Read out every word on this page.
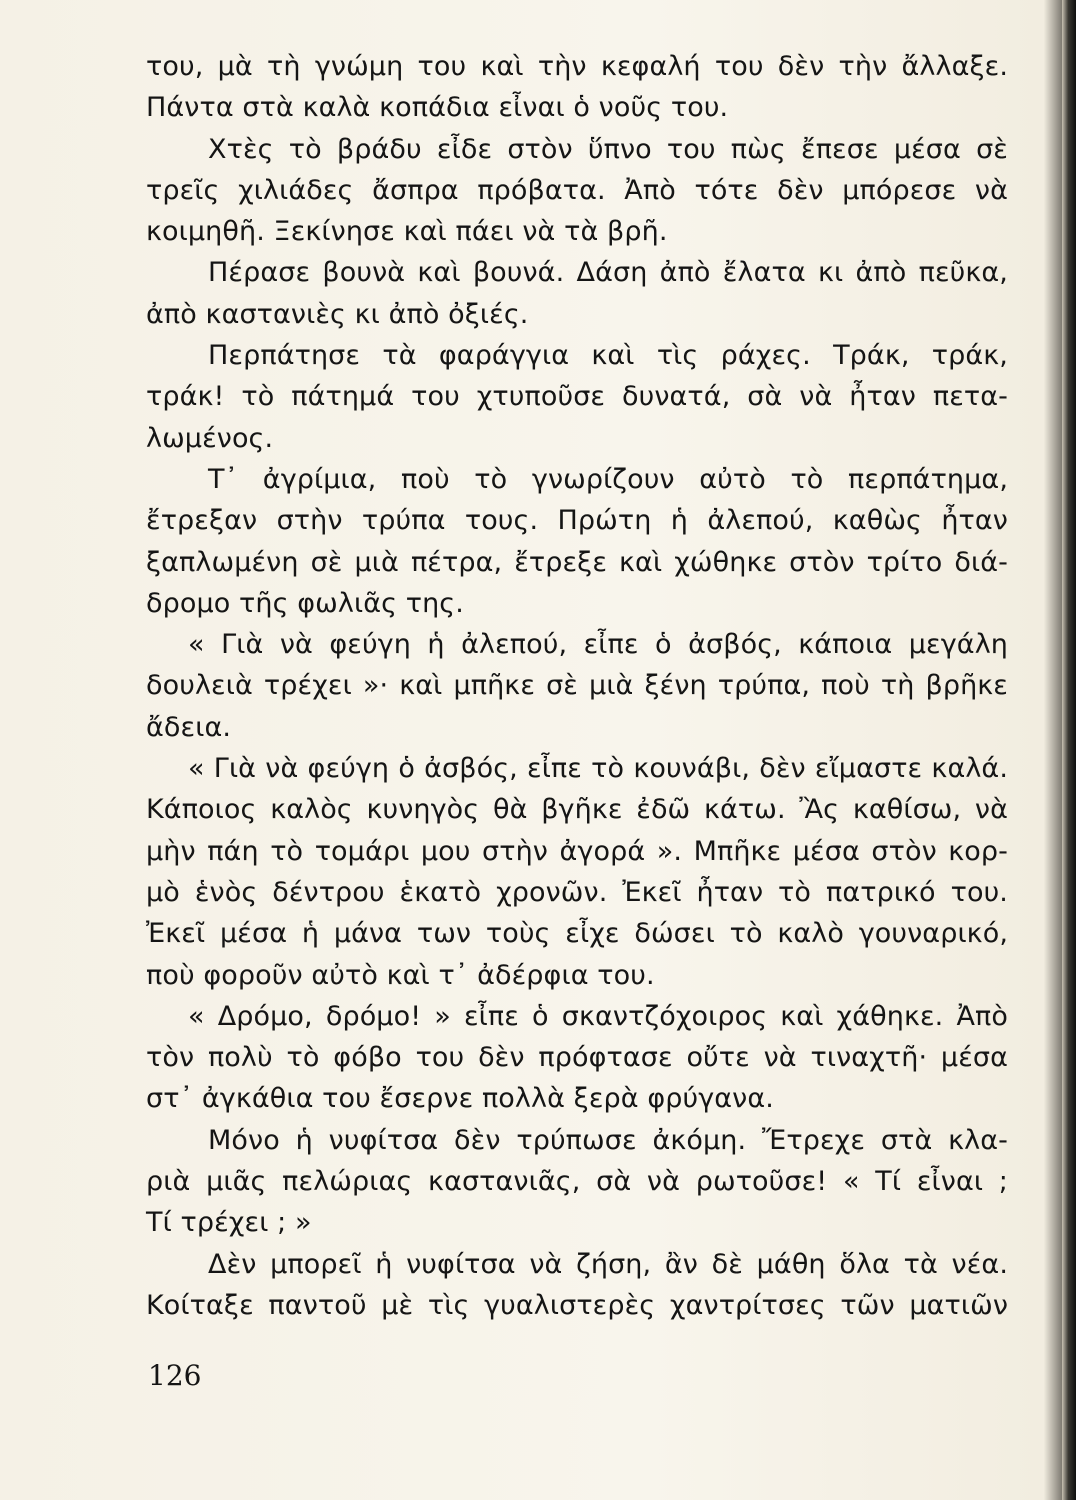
του, μὰ τὴ γνώμη του καὶ τὴν κεφαλή του δὲν τὴν ἄλλαξε.
Πάντα στὰ καλὰ κοπάδια εἶναι ὁ νοῦς του.
Χτὲς τὸ βράδυ εἶδε στὸν ὕπνο του πὼς ἔπεσε μέσα σὲ
τρεῖς χιλιάδες ἄσπρα πρόβατα. Ἀπὸ τότε δὲν μπόρεσε νὰ
κοιμηθῆ. Ξεκίνησε καὶ πάει νὰ τὰ βρῆ.
Πέρασε βουνὰ καὶ βουνά. Δάση ἀπὸ ἔλατα κι ἀπὸ πεῦκα,
ἀπὸ καστανιὲς κι ἀπὸ ὀξιές.
Περπάτησε τὰ φαράγγια καὶ τὶς ράχες. Τράκ, τράκ,
τράκ! τὸ πάτημά του χτυποῦσε δυνατά, σὰ νὰ ἦταν πετα-
λωμένος.
Τ᾿ ἀγρίμια, ποὺ τὸ γνωρίζουν αὐτὸ τὸ περπάτημα,
ἔτρεξαν στὴν τρύπα τους. Πρώτη ἡ ἀλεπού, καθὼς ἦταν
ξαπλωμένη σὲ μιὰ πέτρα, ἔτρεξε καὶ χώθηκε στὸν τρίτο διά-
δρομο τῆς φωλιᾶς της.
« Γιὰ νὰ φεύγη ἡ ἀλεπού, εἶπε ὁ ἀσβός, κάποια μεγάλη
δουλειὰ τρέχει »· καὶ μπῆκε σὲ μιὰ ξένη τρύπα, ποὺ τὴ βρῆκε
ἄδεια.
« Γιὰ νὰ φεύγη ὁ ἀσβός, εἶπε τὸ κουνάβι, δὲν εἴμαστε καλά.
Κάποιος καλὸς κυνηγὸς θὰ βγῆκε ἐδῶ κάτω. Ἂς καθίσω, νὰ
μὴν πάη τὸ τομάρι μου στὴν ἀγορά ». Μπῆκε μέσα στὸν κορ-
μὸ ἑνὸς δέντρου ἑκατὸ χρονῶν. Ἐκεῖ ἦταν τὸ πατρικό του.
Ἐκεῖ μέσα ἡ μάνα των τοὺς εἶχε δώσει τὸ καλὸ γουναρικό,
ποὺ φοροῦν αὐτὸ καὶ τ᾿ ἀδέρφια του.
« Δρόμο, δρόμο! » εἶπε ὁ σκαντζόχοιρος καὶ χάθηκε. Ἀπὸ
τὸν πολὺ τὸ φόβο του δὲν πρόφτασε οὔτε νὰ τιναχτῆ· μέσα
στ᾿ ἀγκάθια του ἔσερνε πολλὰ ξερὰ φρύγανα.
Μόνο ἡ νυφίτσα δὲν τρύπωσε ἀκόμη. Ἔτρεχε στὰ κλα-
ριὰ μιᾶς πελώριας καστανιᾶς, σὰ νὰ ρωτοῦσε! « Τί εἶναι ;
Τί τρέχει ; »
Δὲν μπορεῖ ἡ νυφίτσα νὰ ζήση, ἂν δὲ μάθη ὅλα τὰ νέα.
Κοίταξε παντοῦ μὲ τὶς γυαλιστερὲς χαντρίτσες τῶν ματιῶν
126
